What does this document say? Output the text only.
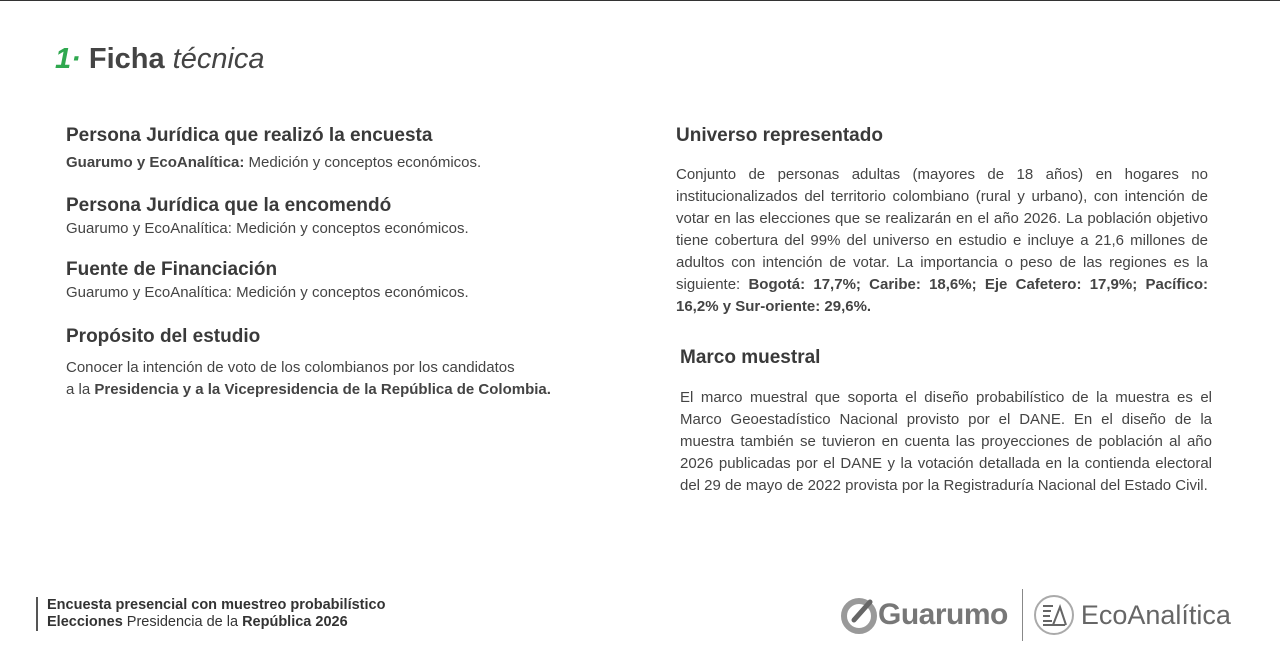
1· Ficha técnica
Persona Jurídica que realizó la encuesta
Guarumo y EcoAnalítica: Medición y conceptos económicos.
Persona Jurídica que la encomendó
Guarumo y EcoAnalítica: Medición y conceptos económicos.
Fuente de Financiación
Guarumo y EcoAnalítica: Medición y conceptos económicos.
Propósito del estudio
Conocer la intención de voto de los colombianos por los candidatos
a la Presidencia y a la Vicepresidencia de la República de Colombia.
Universo representado
Conjunto de personas adultas (mayores de 18 años) en hogares no institucionalizados del territorio colombiano (rural y urbano), con intención de votar en las elecciones que se realizarán en el año 2026. La población objetivo tiene cobertura del 99% del universo en estudio e incluye a 21,6 millones de adultos con intención de votar. La importancia o peso de las regiones es la siguiente: Bogotá: 17,7%; Caribe: 18,6%; Eje Cafetero: 17,9%; Pacífico: 16,2% y Sur-oriente: 29,6%.
Marco muestral
El marco muestral que soporta el diseño probabilístico de la muestra es el Marco Geoestadístico Nacional provisto por el DANE. En el diseño de la muestra también se tuvieron en cuenta las proyecciones de población al año 2026 publicadas por el DANE y la votación detallada en la contienda electoral del 29 de mayo de 2022 provista por la Registraduría Nacional del Estado Civil.
Encuesta presencial con muestreo probabilístico
Elecciones Presidencia de la República 2026	Guarumo	EcoAnalítica
